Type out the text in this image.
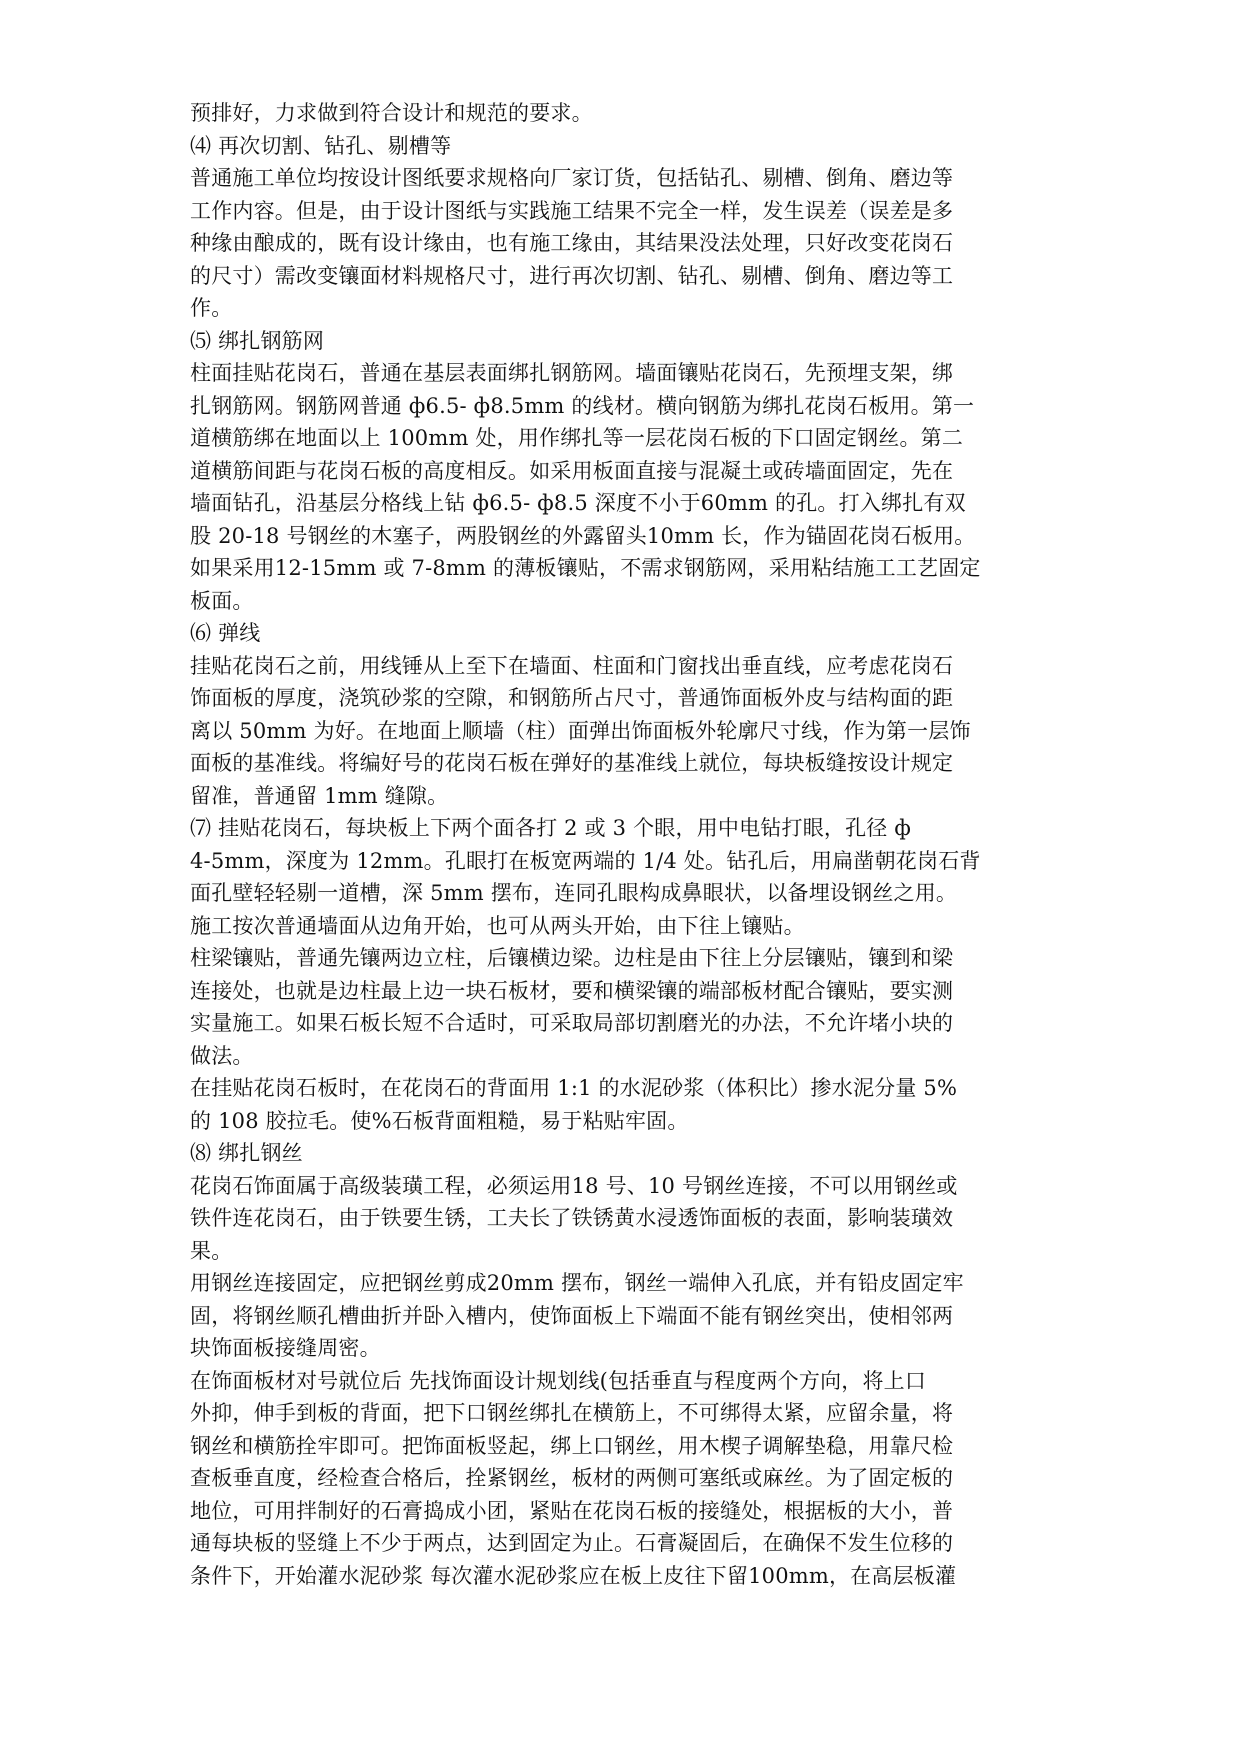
预排好，力求做到符合设计和规范的要求。
⑷ 再次切割、钻孔、剔槽等
普通施工单位均按设计图纸要求规格向厂家订货，包括钻孔、剔槽、倒角、磨边等
工作内容。但是，由于设计图纸与实践施工结果不完全一样，发生误差（误差是多
种缘由酿成的，既有设计缘由，也有施工缘由，其结果没法处理，只好改变花岗石
的尺寸）需改变镶面材料规格尺寸，进行再次切割、钻孔、剔槽、倒角、磨边等工
作。
⑸ 绑扎钢筋网
柱面挂贴花岗石，普通在基层表面绑扎钢筋网。墙面镶贴花岗石，先预埋支架，绑
扎钢筋网。钢筋网普通 ф6.5- ф8.5mm 的线材。横向钢筋为绑扎花岗石板用。第一
道横筋绑在地面以上 100mm 处，用作绑扎等一层花岗石板的下口固定钢丝。第二
道横筋间距与花岗石板的高度相反。如采用板面直接与混凝土或砖墙面固定，先在
墙面钻孔，沿基层分格线上钻 ф6.5- ф8.5 深度不小于60mm 的孔。打入绑扎有双
股 20-18 号钢丝的木塞子，两股钢丝的外露留头10mm 长，作为锚固花岗石板用。
如果采用12-15mm 或 7-8mm 的薄板镶贴，不需求钢筋网，采用粘结施工工艺固定
板面。
⑹ 弹线
挂贴花岗石之前，用线锤从上至下在墙面、柱面和门窗找出垂直线，应考虑花岗石
饰面板的厚度，浇筑砂浆的空隙，和钢筋所占尺寸，普通饰面板外皮与结构面的距
离以 50mm 为好。在地面上顺墙（柱）面弹出饰面板外轮廓尺寸线，作为第一层饰
面板的基准线。将编好号的花岗石板在弹好的基准线上就位，每块板缝按设计规定
留准，普通留 1mm 缝隙。
⑺ 挂贴花岗石，每块板上下两个面各打 2 或 3 个眼，用中电钻打眼，孔径 ф
4-5mm，深度为 12mm。孔眼打在板宽两端的 1/4 处。钻孔后，用扁凿朝花岗石背
面孔壁轻轻剔一道槽，深 5mm 摆布，连同孔眼构成鼻眼状，以备埋设钢丝之用。
施工按次普通墙面从边角开始，也可从两头开始，由下往上镶贴。
柱梁镶贴，普通先镶两边立柱，后镶横边梁。边柱是由下往上分层镶贴，镶到和梁
连接处，也就是边柱最上边一块石板材，要和横梁镶的端部板材配合镶贴，要实测
实量施工。如果石板长短不合适时，可采取局部切割磨光的办法，不允许堵小块的
做法。
在挂贴花岗石板时，在花岗石的背面用 1:1 的水泥砂浆（体积比）掺水泥分量 5%
的 108 胶拉毛。使%石板背面粗糙，易于粘贴牢固。
⑻ 绑扎钢丝
花岗石饰面属于高级装璜工程，必须运用18 号、10 号钢丝连接，不可以用钢丝或
铁件连花岗石，由于铁要生锈，工夫长了铁锈黄水浸透饰面板的表面，影响装璜效
果。
用钢丝连接固定，应把钢丝剪成20mm 摆布，钢丝一端伸入孔底，并有铅皮固定牢
固，将钢丝顺孔槽曲折并卧入槽内，使饰面板上下端面不能有钢丝突出，使相邻两
块饰面板接缝周密。
在饰面板材对号就位后 先找饰面设计规划线(包括垂直与程度两个方向，将上口
外抑，伸手到板的背面，把下口钢丝绑扎在横筋上，不可绑得太紧，应留余量，将
钢丝和横筋拴牢即可。把饰面板竖起，绑上口钢丝，用木楔子调解垫稳，用靠尺检
查板垂直度，经检查合格后，拴紧钢丝，板材的两侧可塞纸或麻丝。为了固定板的
地位，可用拌制好的石膏捣成小团，紧贴在花岗石板的接缝处，根据板的大小，普
通每块板的竖缝上不少于两点，达到固定为止。石膏凝固后，在确保不发生位移的
条件下，开始灌水泥砂浆 每次灌水泥砂浆应在板上皮往下留100mm，在高层板灌
